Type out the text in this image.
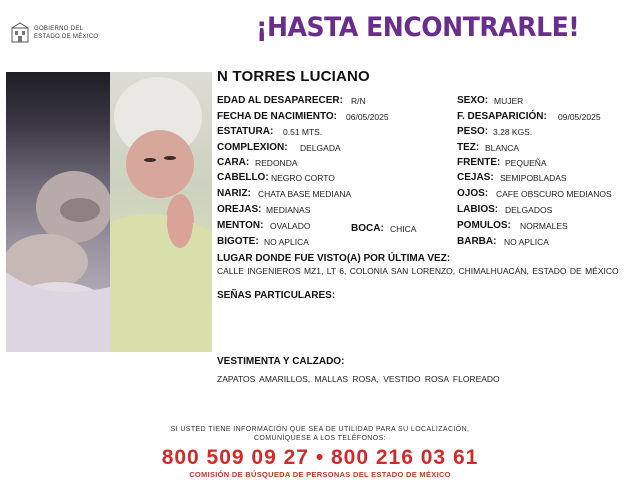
GOBIERNO DEL
ESTADO DE MÉXICO	¡HASTA ENCONTRARLE!
N TORRES LUCIANO
EDAD AL DESAPARECER: R/N
FECHA DE NACIMIENTO: 06/05/2025
ESTATURA: 0.51 MTS.
COMPLEXION: DELGADA
CARA: REDONDA
CABELLO: NEGRO CORTO
NARIZ: CHATA BASE MEDIANA
OREJAS: MEDIANAS
MENTON: OVALADO	BOCA: CHICA
BIGOTE: NO APLICA
SEXO: MUJER
F. DESAPARICIÓN: 09/05/2025
PESO: 3.28 KGS.
TEZ: BLANCA
FRENTE: PEQUEÑA
CEJAS: SEMIPOBLADAS
OJOS: CAFE OBSCURO MEDIANOS
LABIOS: DELGADOS
POMULOS: NORMALES
BARBA: NO APLICA
LUGAR DONDE FUE VISTO(A) POR ÚLTIMA VEZ:
CALLE INGENIEROS MZ1, LT 6, COLONIA SAN LORENZO, CHIMALHUACÁN, ESTADO DE MÉXICO
SEÑAS PARTICULARES:
VESTIMENTA Y CALZADO:
ZAPATOS AMARILLOS, MALLAS ROSA, VESTIDO ROSA FLOREADO
SI USTED TIENE INFORMACIÓN QUE SEA DE UTILIDAD PARA SU LOCALIZACIÓN,
COMUNÍQUESE A LOS TELÉFONOS:
800 509 09 27 • 800 216 03 61
COMISIÓN DE BÚSQUEDA DE PERSONAS DEL ESTADO DE MÉXICO
